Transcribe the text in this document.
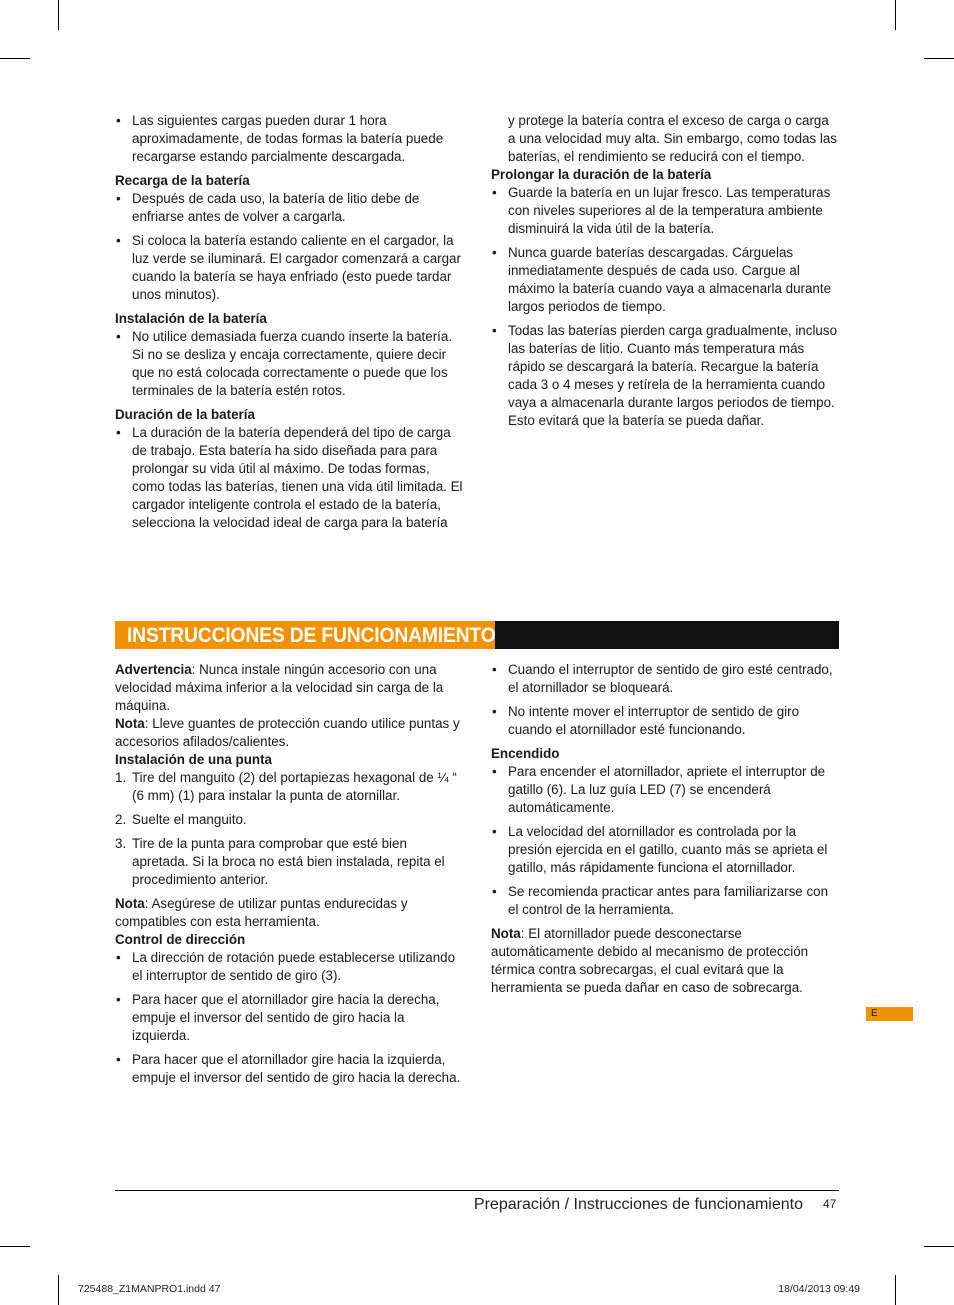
• Las siguientes cargas pueden durar 1 hora aproximadamente, de todas formas la batería puede recargarse estando parcialmente descargada.

Recarga de la batería

• Después de cada uso, la batería de litio debe de enfriarse antes de volver a cargarla.
• Si coloca la batería estando caliente en el cargador, la luz verde se iluminará. El cargador comenzará a cargar cuando la batería se haya enfriado (esto puede tardar unos minutos).

Instalación de la batería

• No utilice demasiada fuerza cuando inserte la batería. Si no se desliza y encaja correctamente, quiere decir que no está colocada correctamente o puede que los terminales de la batería estén rotos.

Duración de la batería

• La duración de la batería dependerá del tipo de carga de trabajo. Esta batería ha sido diseñada para para prolongar su vida útil al máximo. De todas formas, como todas las baterías, tienen una vida útil limitada. El cargador inteligente controla el estado de la batería, selecciona la velocidad ideal de carga para la batería

y protege la batería contra el exceso de carga o carga a una velocidad muy alta. Sin embargo, como todas las baterías, el rendimiento se reducirá con el tiempo.

Prolongar la duración de la batería

• Guarde la batería en un lujar fresco. Las temperaturas con niveles superiores al de la temperatura ambiente disminuirá la vida útil de la batería.
• Nunca guarde baterías descargadas. Cárguelas inmediatamente después de cada uso. Cargue al máximo la batería cuando vaya a almacenarla durante largos periodos de tiempo.
• Todas las baterías pierden carga gradualmente, incluso las baterías de litio. Cuanto más temperatura más rápido se descargará la batería. Recargue la batería cada 3 o 4 meses y retírela de la herramienta cuando vaya a almacenarla durante largos periodos de tiempo. Esto evitará que la batería se pueda dañar.
INSTRUCCIONES DE FUNCIONAMIENTO

Advertencia: Nunca instale ningún accesorio con una velocidad máxima inferior a la velocidad sin carga de la máquina.

Nota: Lleve guantes de protección cuando utilice puntas y accesorios afilados/calientes.

Instalación de una punta

1. Tire del manguito (2) del portapiezas hexagonal de ¼ “ (6 mm) (1) para instalar la punta de atornillar.
2. Suelte el manguito.
3. Tire de la punta para comprobar que esté bien apretada. Si la broca no está bien instalada, repita el procedimiento anterior.

Nota: Asegúrese de utilizar puntas endurecidas y compatibles con esta herramienta.

Control de dirección

• La dirección de rotación puede establecerse utilizando el interruptor de sentido de giro (3).
• Para hacer que el atornillador gire hacia la derecha, empuje el inversor del sentido de giro hacia la izquierda.
• Para hacer que el atornillador gire hacia la izquierda, empuje el inversor del sentido de giro hacia la derecha.
• Cuando el interruptor de sentido de giro esté centrado, el atornillador se bloqueará.
• No intente mover el interruptor de sentido de giro cuando el atornillador esté funcionando.

Encendido

• Para encender el atornillador, apriete el interruptor de gatillo (6). La luz guía LED (7) se encenderá automáticamente.
• La velocidad del atornillador es controlada por la presión ejercida en el gatillo, cuanto más se aprieta el gatillo, más rápidamente funciona el atornillador.
• Se recomienda practicar antes para familiarizarse con el control de la herramienta.

Nota: El atornillador puede desconectarse automáticamente debido al mecanismo de protección térmica contra sobrecargas, el cual evitará que la herramienta se pueda dañar en caso de sobrecarga.

E
Preparación / Instrucciones de funcionamiento 47
725488_Z1MANPRO1.indd 47	18/04/2013 09:49
